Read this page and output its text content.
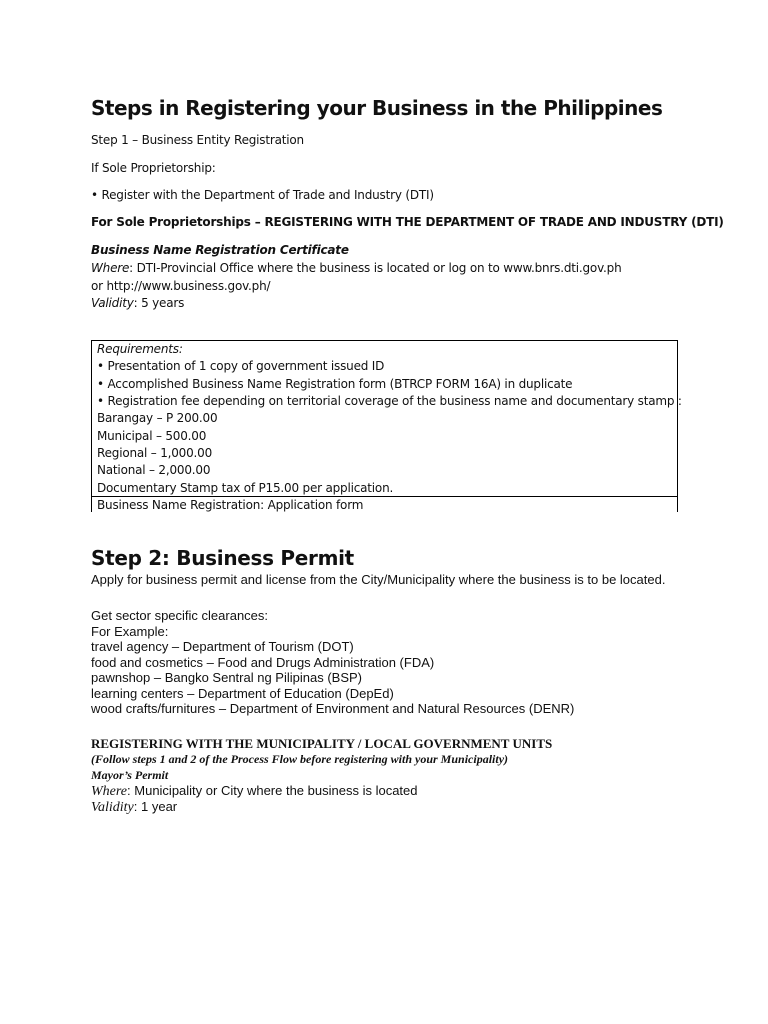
Steps in Registering your Business in the Philippines
Step 1 – Business Entity Registration
If Sole Proprietorship:
• Register with the Department of Trade and Industry (DTI)
For Sole Proprietorships – REGISTERING WITH THE DEPARTMENT OF TRADE AND INDUSTRY (DTI)
Business Name Registration Certificate
Where: DTI-Provincial Office where the business is located or log on to www.bnrs.dti.gov.ph
or http://www.business.gov.ph/
Validity: 5 years
Requirements:
• Presentation of 1 copy of government issued ID
• Accomplished Business Name Registration form (BTRCP FORM 16A) in duplicate
• Registration fee depending on territorial coverage of the business name and documentary stamp :
Barangay – P 200.00
Municipal – 500.00
Regional – 1,000.00
National – 2,000.00
Documentary Stamp tax of P15.00 per application.
Business Name Registration: Application form
Step 2: Business Permit
Apply for business permit and license from the City/Municipality where the business is to be located.
Get sector specific clearances:
For Example:
travel agency – Department of Tourism (DOT)
food and cosmetics – Food and Drugs Administration (FDA)
pawnshop – Bangko Sentral ng Pilipinas (BSP)
learning centers – Department of Education (DepEd)
wood crafts/furnitures – Department of Environment and Natural Resources (DENR)
REGISTERING WITH THE MUNICIPALITY / LOCAL GOVERNMENT UNITS
(Follow steps 1 and 2 of the Process Flow before registering with your Municipality)
Mayor’s Permit
Where: Municipality or City where the business is located
Validity: 1 year
